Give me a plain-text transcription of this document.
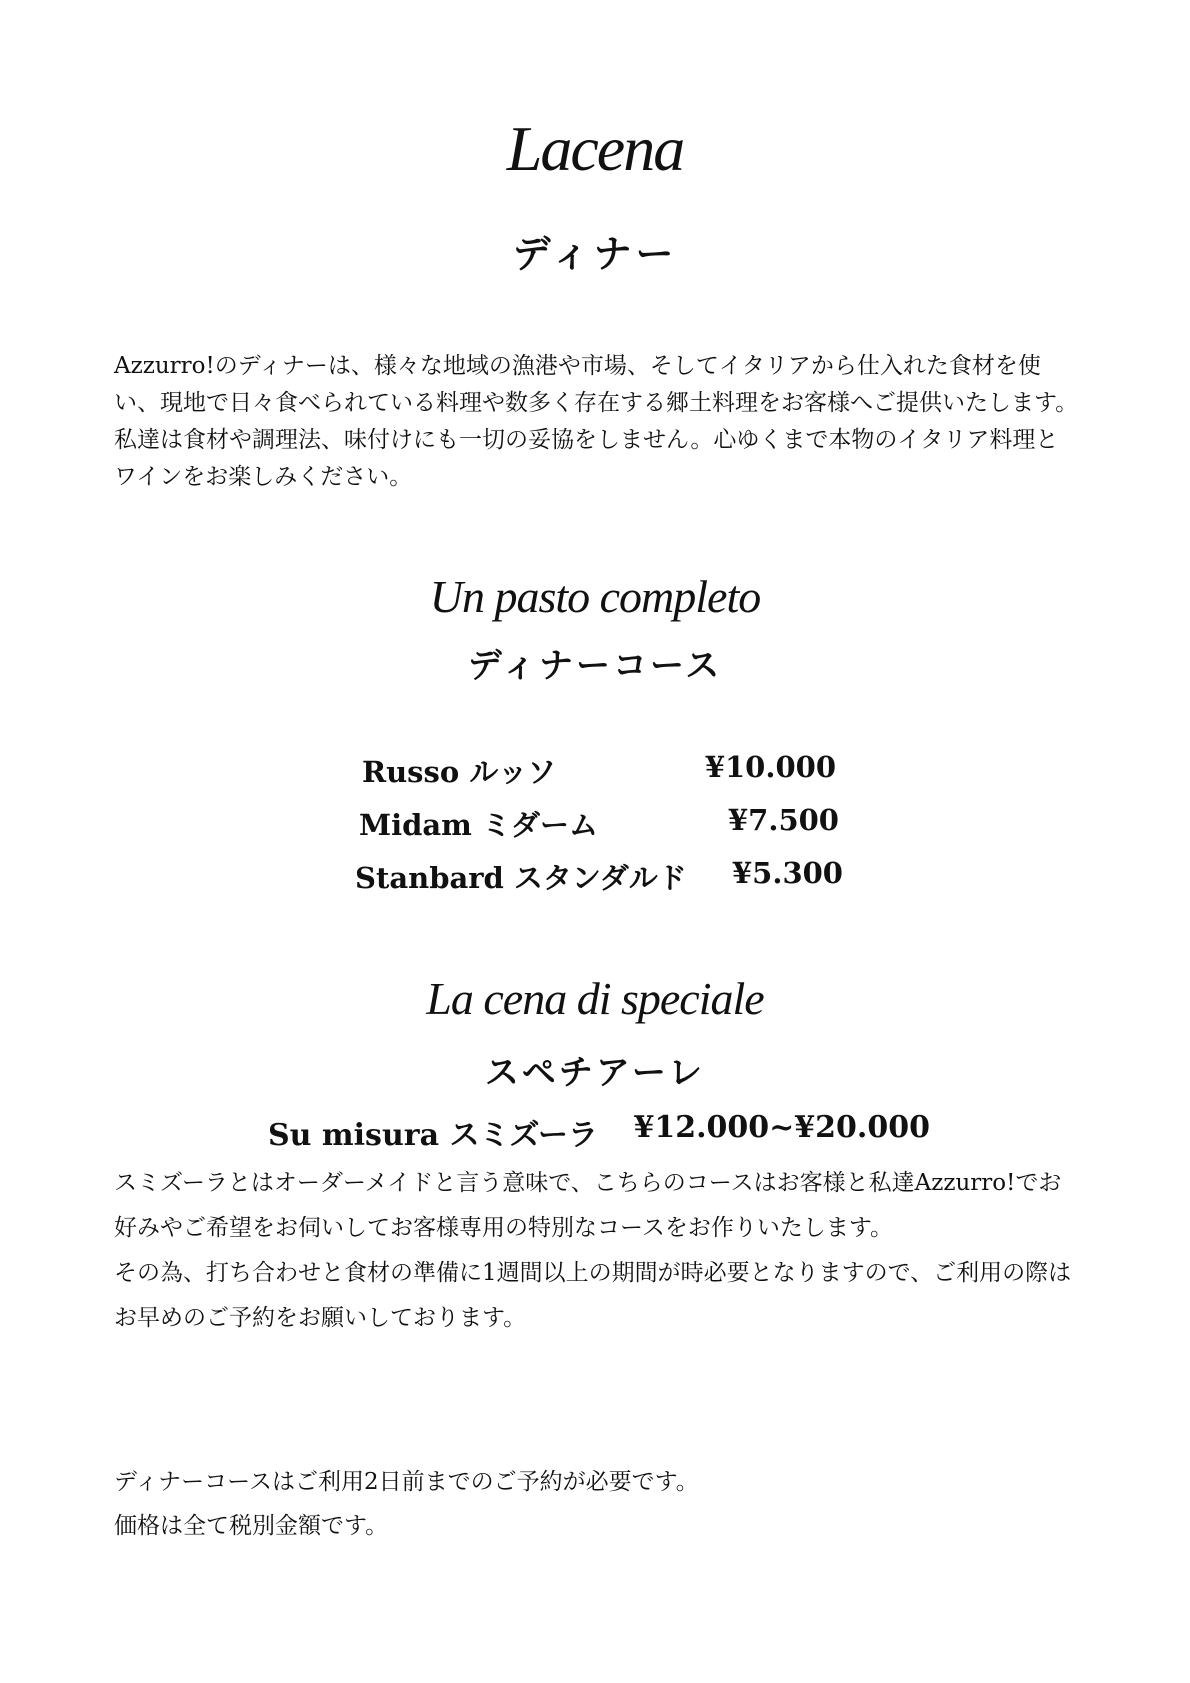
Lacena
ディナー

Azzurro!のディナーは、様々な地域の漁港や市場、そしてイタリアから仕入れた食材を使い、現地で日々食べられている料理や数多く存在する郷土料理をお客様へご提供いたします。私達は食材や調理法、味付けにも一切の妥協をしません。心ゆくまで本物のイタリア料理とワインをお楽しみください。

Un pasto completo
ディナーコース
Russo ルッソ	¥10.000
Midam ミダーム	¥7.500
Stanbard スタンダルド ¥5.300
La cena di speciale
スペチアーレ
Su misura スミズーラ ¥12.000~¥20.000

スミズーラとはオーダーメイドと言う意味で、こちらのコースはお客様と私達Azzurro!でお好みやご希望をお伺いしてお客様専用の特別なコースをお作りいたします。
その為、打ち合わせと食材の準備に1週間以上の期間が時必要となりますので、ご利用の際はお早めのご予約をお願いしております。

ディナーコースはご利用2日前までのご予約が必要です。
価格は全て税別金額です。
